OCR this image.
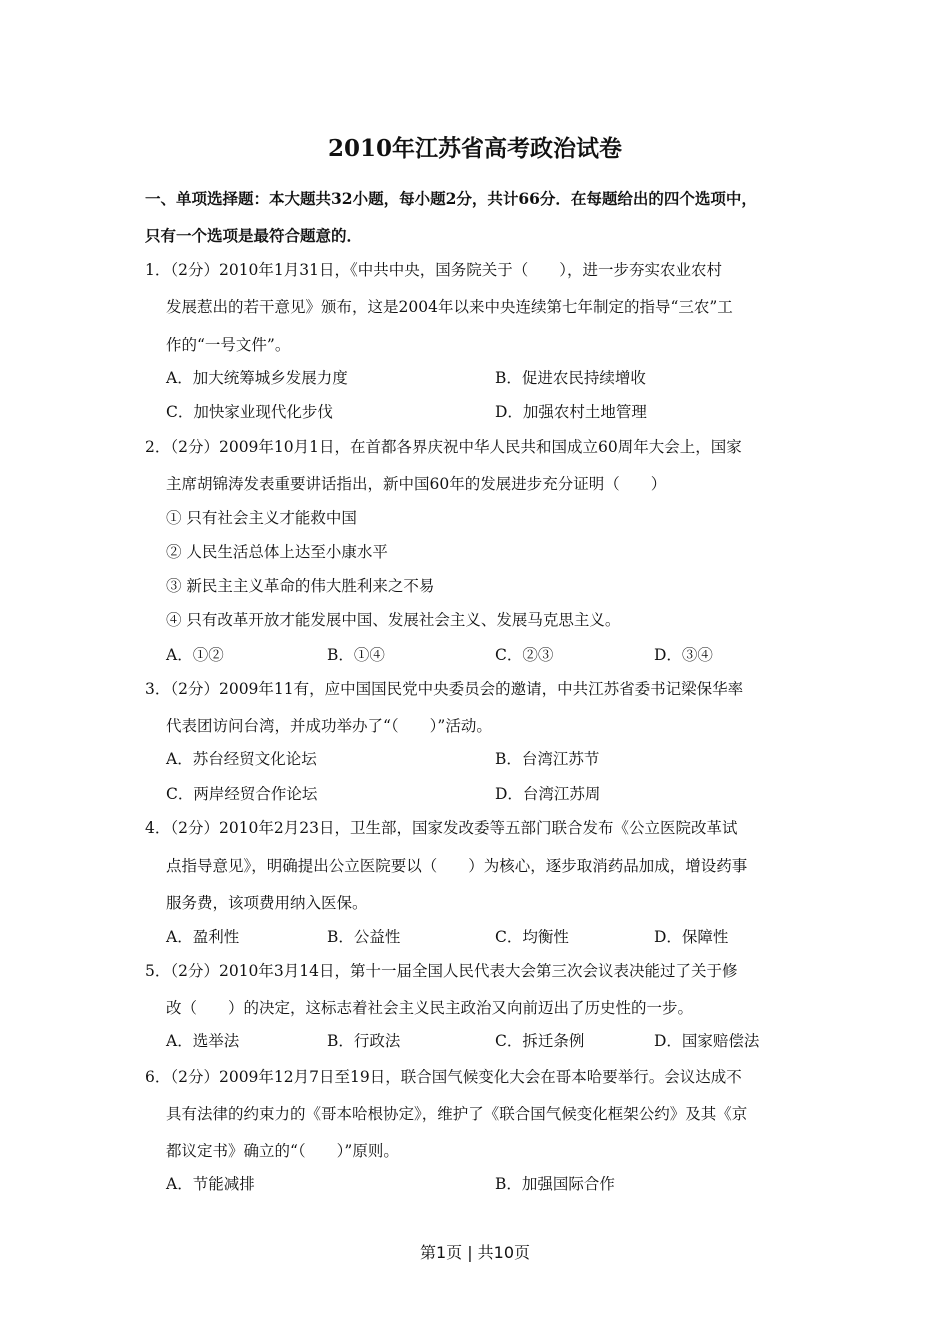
2010年江苏省高考政治试卷
一、单项选择题：本大题共32小题，每小题2分，共计66分．在每题给出的四个选项中，
只有一个选项是最符合题意的．
1．（2分）2010年1月31日，《中共中央，国务院关于（　　），进一步夯实农业农村
发展惹出的若干意见》颁布，这是2004年以来中央连续第七年制定的指导“三农”工
作的“一号文件”。
A．加大统筹城乡发展力度	B．促进农民持续增收
C．加快家业现代化步伐	D．加强农村土地管理
2．（2分）2009年10月1日，在首都各界庆祝中华人民共和国成立60周年大会上，国家
主席胡锦涛发表重要讲话指出，新中国60年的发展进步充分证明（　　）
① 只有社会主义才能救中国
② 人民生活总体上达至小康水平
③ 新民主主义革命的伟大胜利来之不易
④ 只有改革开放才能发展中国、发展社会主义、发展马克思主义。
A．①②	B．①④	C．②③	D．③④
3．（2分）2009年11有，应中国国民党中央委员会的邀请，中共江苏省委书记梁保华率
代表团访问台湾，并成功举办了“（　　）”活动。
A．苏台经贸文化论坛	B．台湾江苏节
C．两岸经贸合作论坛	D．台湾江苏周
4．（2分）2010年2月23日，卫生部，国家发改委等五部门联合发布《公立医院改革试
点指导意见》，明确提出公立医院要以（　　）为核心，逐步取消药品加成，增设药事
服务费，该项费用纳入医保。
A．盈利性	B．公益性	C．均衡性	D．保障性
5．（2分）2010年3月14日，第十一届全国人民代表大会第三次会议表决能过了关于修
改（　　）的决定，这标志着社会主义民主政治又向前迈出了历史性的一步。
A．选举法	B．行政法	C．拆迁条例	D．国家赔偿法
6．（2分）2009年12月7日至19日，联合国气候变化大会在哥本哈要举行。会议达成不
具有法律的约束力的《哥本哈根协定》，维护了《联合国气候变化框架公约》及其《京
都议定书》确立的“（　　）”原则。
A．节能减排	B．加强国际合作
第1页 | 共10页
